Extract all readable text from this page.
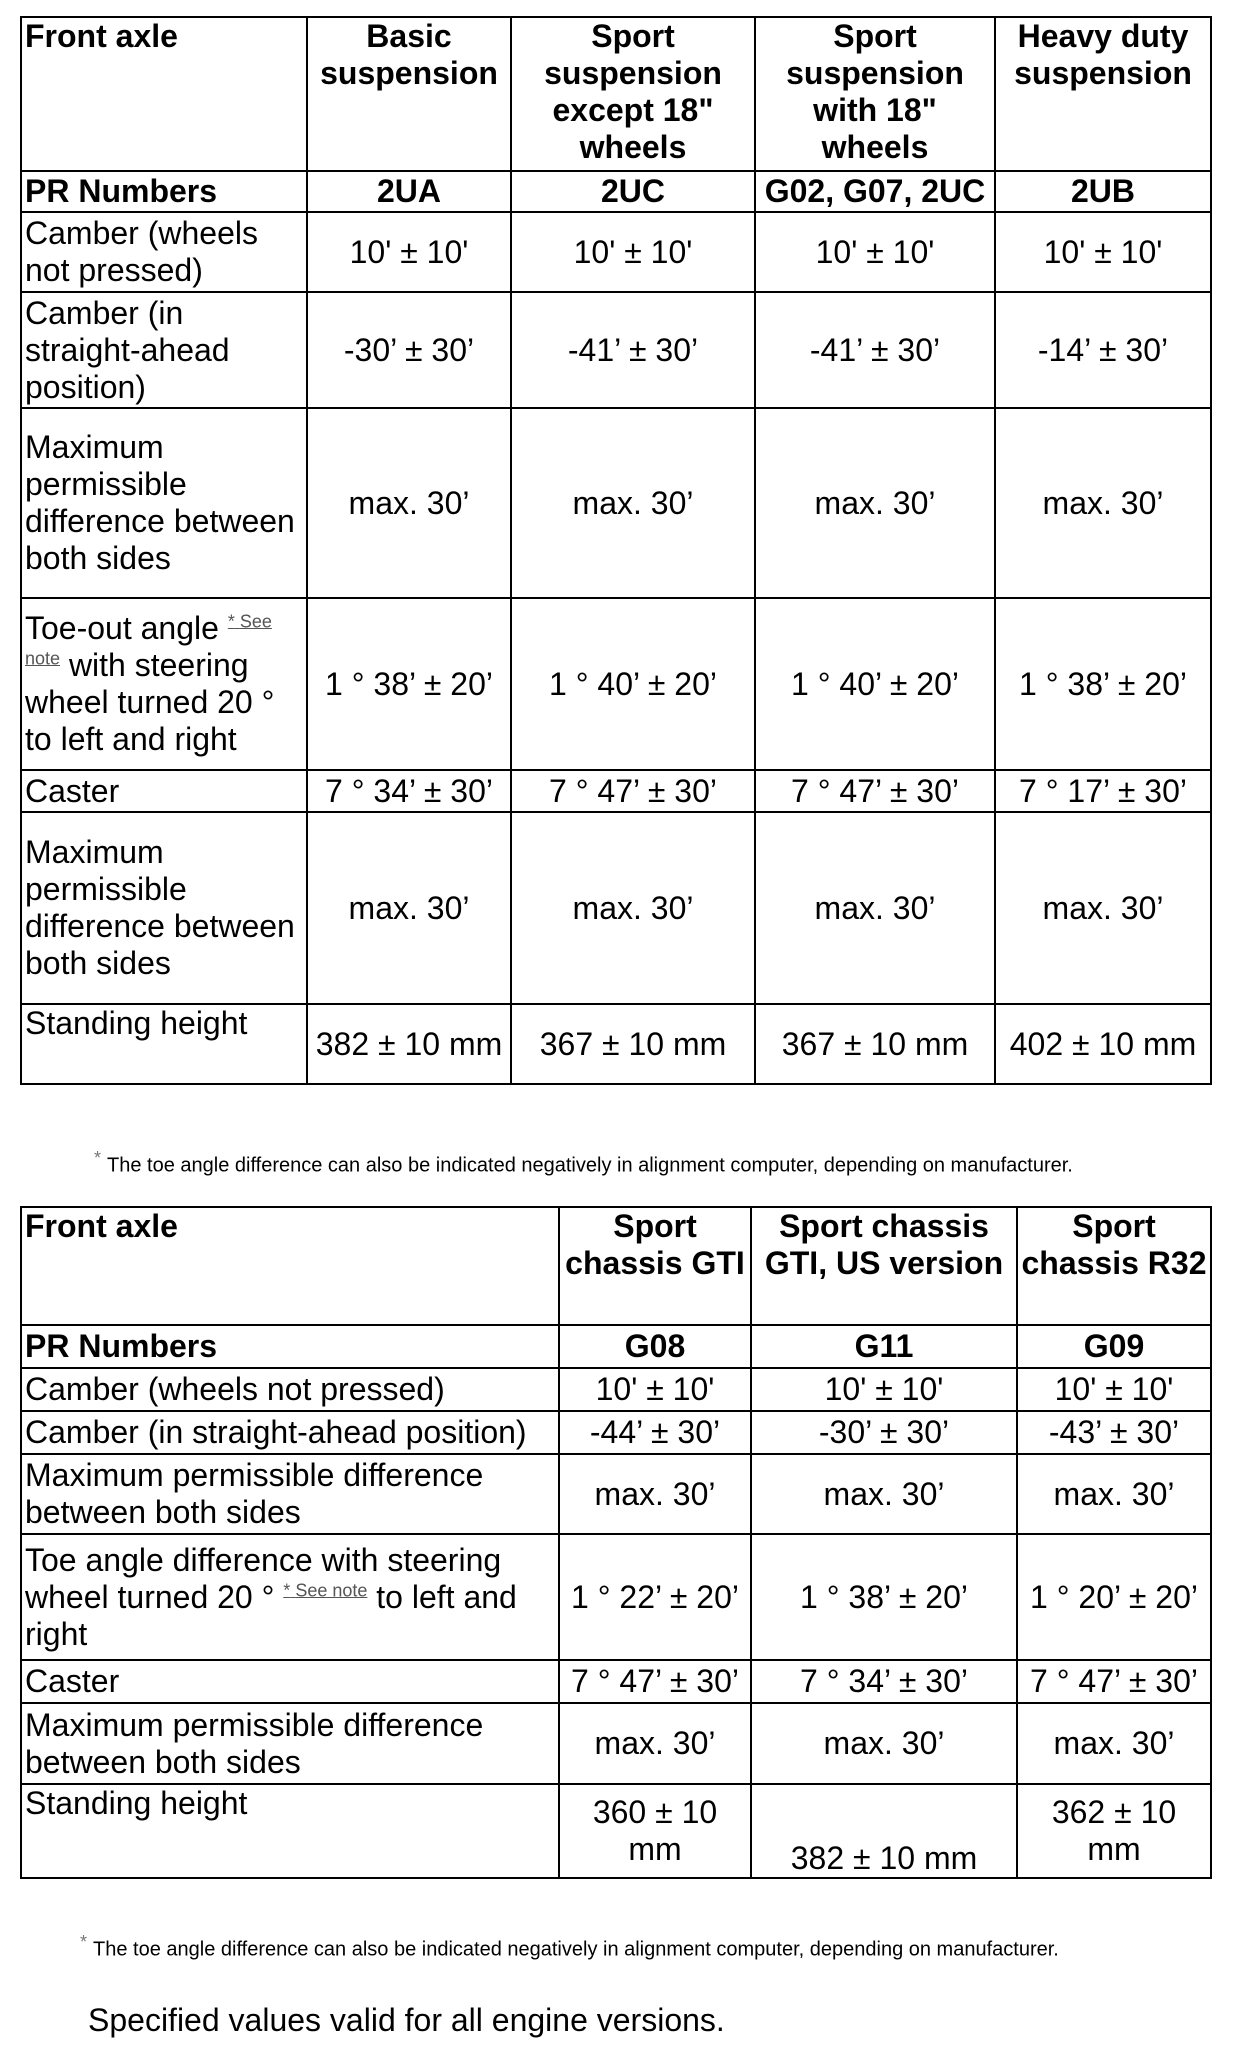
Front axle	Basic suspension	Sport suspension except 18" wheels	Sport suspension with 18" wheels	Heavy duty suspension
PR Numbers	2UA	2UC	G02, G07, 2UC	2UB
Camber (wheels not pressed)	10' ± 10'	10' ± 10'	10' ± 10'	10' ± 10'
Camber (in straight-ahead position)	-30’ ± 30’	-41’ ± 30’	-41’ ± 30’	-14’ ± 30’
Maximum permissible difference between both sides	max. 30’	max. 30’	max. 30’	max. 30’
Toe-out angle $^{* See note}$ with steering wheel turned 20 ° to left and right	1 ° 38’ ± 20’	1 ° 40’ ± 20’	1 ° 40’ ± 20’	1 ° 38’ ± 20’
Caster	7 ° 34’ ± 30’	7 ° 47’ ± 30’	7 ° 47’ ± 30’	7 ° 17’ ± 30’
Maximum permissible difference between both sides	max. 30’	max. 30’	max. 30’	max. 30’
Standing height	382 ± 10 mm	367 ± 10 mm	367 ± 10 mm	402 ± 10 mm
* The toe angle difference can also be indicated negatively in alignment computer, depending on manufacturer.
Front axle	Sport chassis GTI	Sport chassis GTI, US version	Sport chassis R32
PR Numbers	G08	G11	G09
Camber (wheels not pressed)	10' ± 10'	10' ± 10'	10' ± 10'
Camber (in straight-ahead position)	-44’ ± 30’	-30’ ± 30’	-43’ ± 30’
Maximum permissible difference between both sides	max. 30’	max. 30’	max. 30’
Toe angle difference with steering wheel turned 20 ° $^{* See note}$ to left and right	1 ° 22’ ± 20’	1 ° 38’ ± 20’	1 ° 20’ ± 20’
Caster	7 ° 47’ ± 30’	7 ° 34’ ± 30’	7 ° 47’ ± 30’
Maximum permissible difference between both sides	max. 30’	max. 30’	max. 30’
Standing height	360 ± 10 mm	382 ± 10 mm	362 ± 10 mm
* The toe angle difference can also be indicated negatively in alignment computer, depending on manufacturer.
Specified values valid for all engine versions.
